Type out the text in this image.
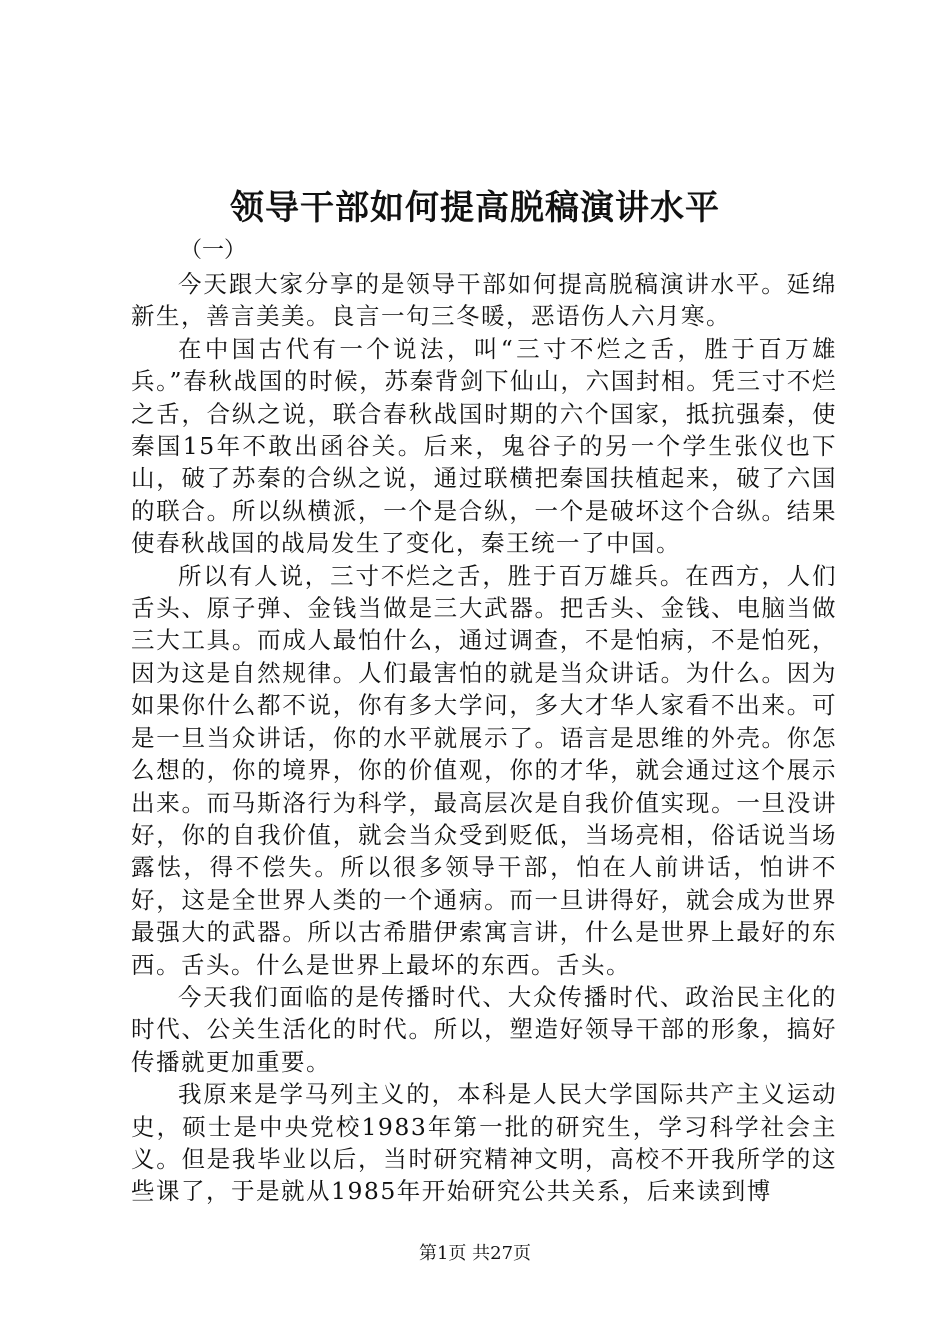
领导干部如何提高脱稿演讲水平
（一）

今天跟大家分享的是领导干部如何提高脱稿演讲水平。延绵新生，善言美美。良言一句三冬暖，恶语伤人六月寒。

在中国古代有一个说法，叫“三寸不烂之舌，胜于百万雄兵。”春秋战国的时候，苏秦背剑下仙山，六国封相。凭三寸不烂之舌，合纵之说，联合春秋战国时期的六个国家，抵抗强秦，使秦国15年不敢出函谷关。后来，鬼谷子的另一个学生张仪也下山，破了苏秦的合纵之说，通过联横把秦国扶植起来，破了六国的联合。所以纵横派，一个是合纵，一个是破坏这个合纵。结果使春秋战国的战局发生了变化，秦王统一了中国。

所以有人说，三寸不烂之舌，胜于百万雄兵。在西方，人们舌头、原子弹、金钱当做是三大武器。把舌头、金钱、电脑当做三大工具。而成人最怕什么，通过调查，不是怕病，不是怕死，因为这是自然规律。人们最害怕的就是当众讲话。为什么。因为如果你什么都不说，你有多大学问，多大才华人家看不出来。可是一旦当众讲话，你的水平就展示了。语言是思维的外壳。你怎么想的，你的境界，你的价值观，你的才华，就会通过这个展示出来。而马斯洛行为科学，最高层次是自我价值实现。一旦没讲好，你的自我价值，就会当众受到贬低，当场亮相，俗话说当场露怯，得不偿失。所以很多领导干部，怕在人前讲话，怕讲不好，这是全世界人类的一个通病。而一旦讲得好，就会成为世界最强大的武器。所以古希腊伊索寓言讲，什么是世界上最好的东西。舌头。什么是世界上最坏的东西。舌头。

今天我们面临的是传播时代、大众传播时代、政治民主化的时代、公关生活化的时代。所以，塑造好领导干部的形象，搞好传播就更加重要。

我原来是学马列主义的，本科是人民大学国际共产主义运动史，硕士是中央党校1983年第一批的研究生，学习科学社会主义。但是我毕业以后，当时研究精神文明，高校不开我所学的这些课了，于是就从1985年开始研究公共关系，后来读到博

第1页 共27页
